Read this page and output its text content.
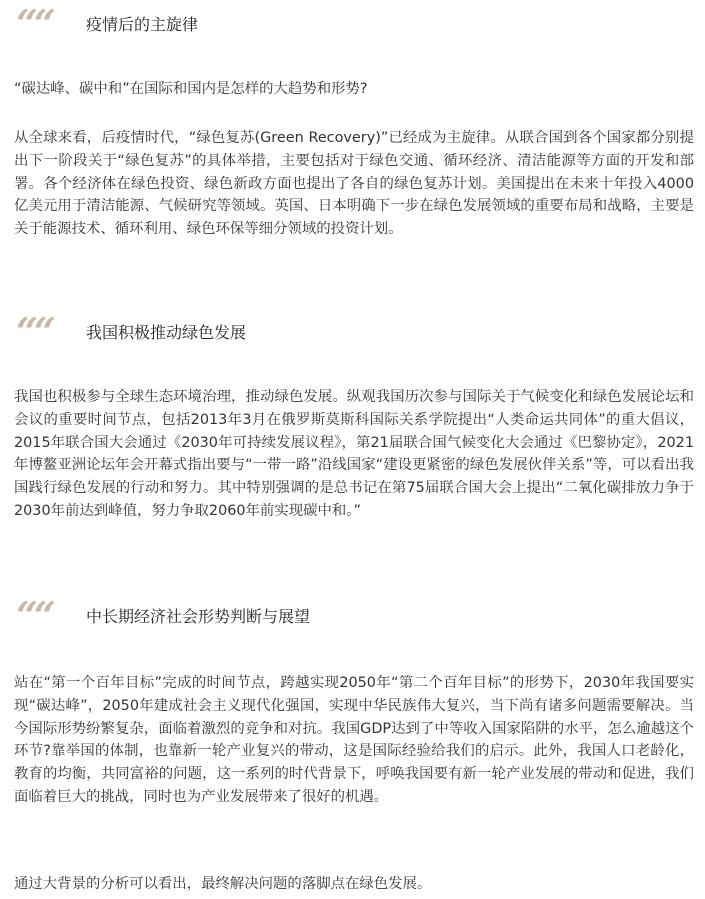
““ 疫情后的主旋律

“碳达峰、碳中和”在国际和国内是怎样的大趋势和形势?

从全球来看，后疫情时代，“绿色复苏(Green Recovery)”已经成为主旋律。从联合国到各个国家都分别提出下一阶段关于“绿色复苏”的具体举措，主要包括对于绿色交通、循环经济、清洁能源等方面的开发和部署。各个经济体在绿色投资、绿色新政方面也提出了各自的绿色复苏计划。美国提出在未来十年投入4000亿美元用于清洁能源、气候研究等领域。英国、日本明确下一步在绿色发展领域的重要布局和战略，主要是关于能源技术、循环利用、绿色环保等细分领域的投资计划。

““ 我国积极推动绿色发展

我国也积极参与全球生态环境治理，推动绿色发展。纵观我国历次参与国际关于气候变化和绿色发展论坛和会议的重要时间节点，包括2013年3月在俄罗斯莫斯科国际关系学院提出“人类命运共同体”的重大倡议，2015年联合国大会通过《2030年可持续发展议程》，第21届联合国气候变化大会通过《巴黎协定》，2021年博鳌亚洲论坛年会开幕式指出要与“一带一路”沿线国家“建设更紧密的绿色发展伙伴关系”等，可以看出我国践行绿色发展的行动和努力。其中特别强调的是总书记在第75届联合国大会上提出“二氧化碳排放力争于2030年前达到峰值，努力争取2060年前实现碳中和。”

““ 中长期经济社会形势判断与展望

站在“第一个百年目标”完成的时间节点，跨越实现2050年“第二个百年目标”的形势下，2030年我国要实现“碳达峰”，2050年建成社会主义现代化强国，实现中华民族伟大复兴，当下尚有诸多问题需要解决。当今国际形势纷繁复杂，面临着激烈的竞争和对抗。我国GDP达到了中等收入国家陷阱的水平，怎么逾越这个环节?靠举国的体制，也靠新一轮产业复兴的带动，这是国际经验给我们的启示。此外，我国人口老龄化，教育的均衡，共同富裕的问题，这一系列的时代背景下，呼唤我国要有新一轮产业发展的带动和促进，我们面临着巨大的挑战，同时也为产业发展带来了很好的机遇。

通过大背景的分析可以看出，最终解决问题的落脚点在绿色发展。
